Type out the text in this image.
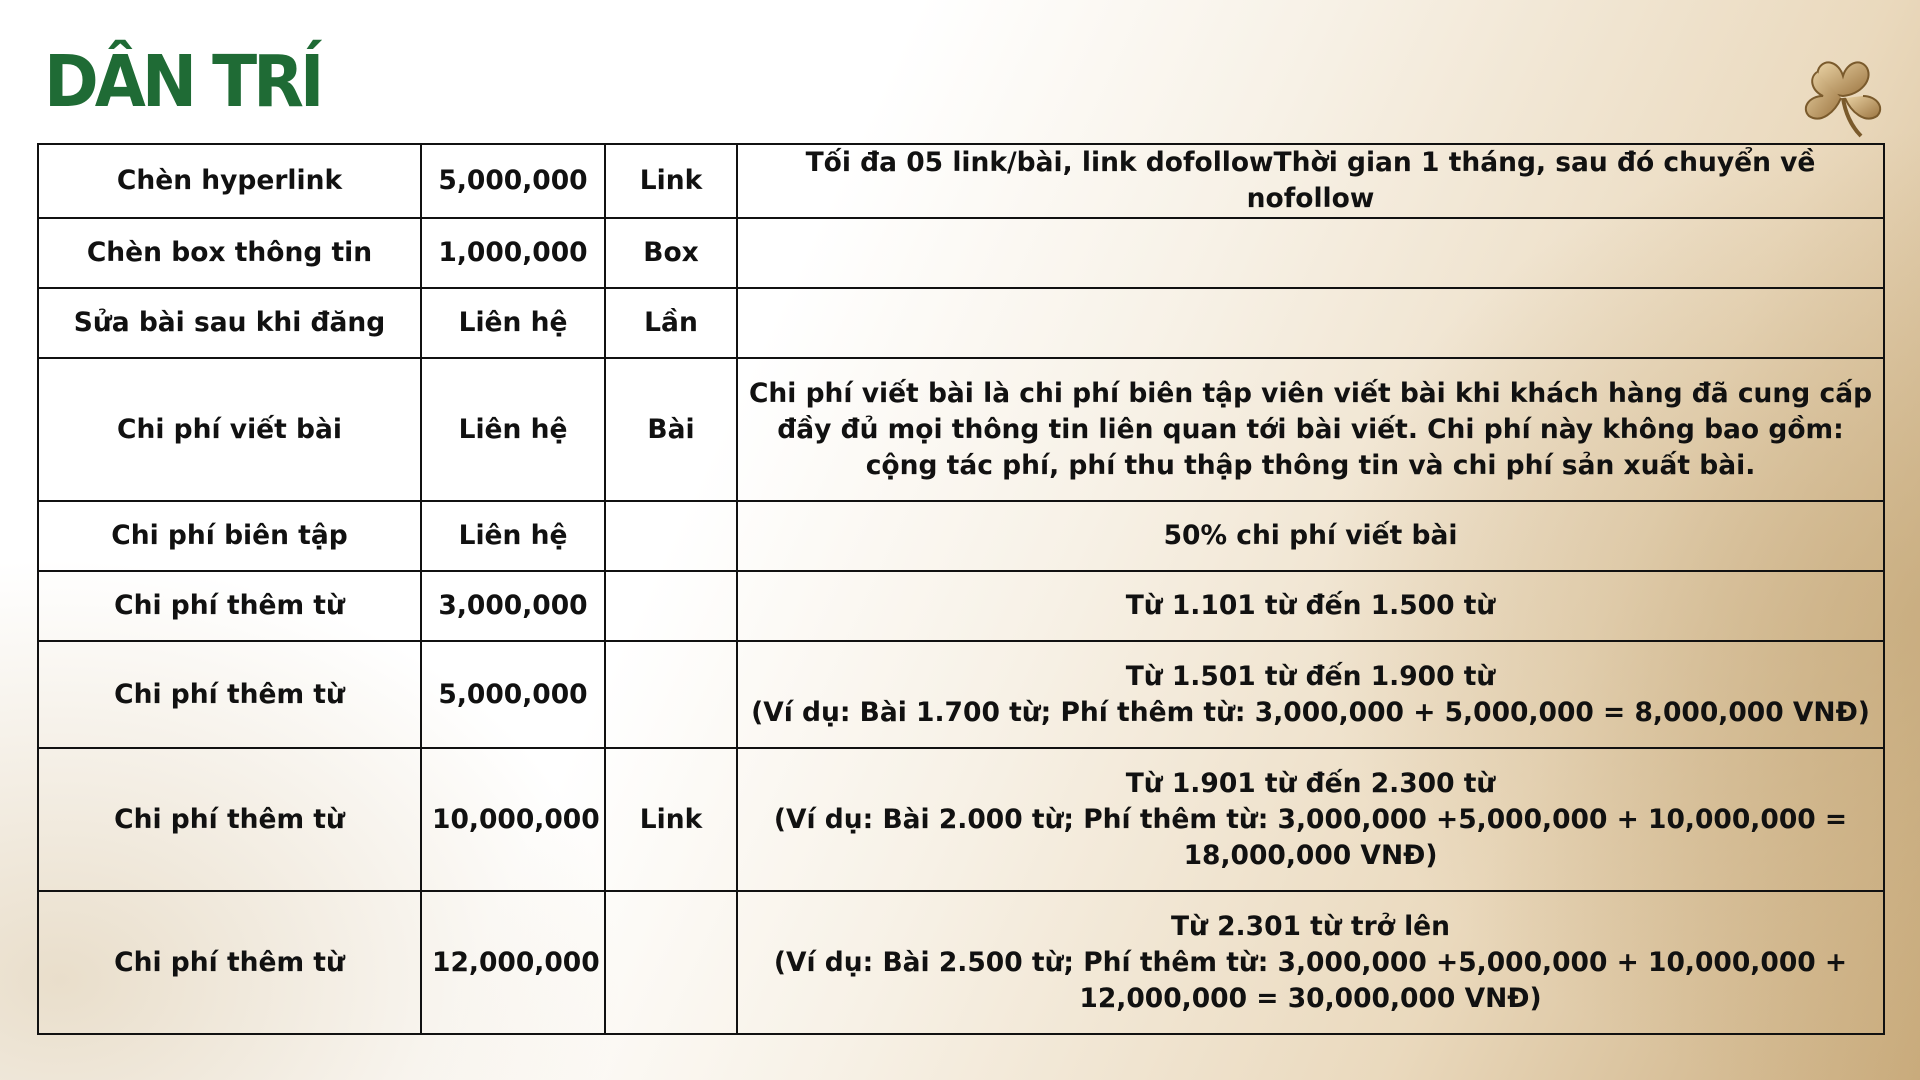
DÂN TRÍ
Chèn hyperlink	5,000,000	Link	Tối đa 05 link/bài, link dofollowThời gian 1 tháng, sau đó chuyển về nofollow

Chèn box thông tin	1,000,000	Box	
Sửa bài sau khi đăng	Liên hệ	Lần	
Chi phí viết bài	Liên hệ	Bài	Chi phí viết bài là chi phí biên tập viên viết bài khi khách hàng đã cung cấp đầy đủ mọi thông tin liên quan tới bài viết. Chi phí này không bao gồm: cộng tác phí, phí thu thập thông tin và chi phí sản xuất bài.

Chi phí biên tập	Liên hệ		50% chi phí viết bài

Chi phí thêm từ	3,000,000		Từ 1.101 từ đến 1.500 từ

Chi phí thêm từ	5,000,000		Từ 1.501 từ đến 1.900 từ
(Ví dụ: Bài 1.700 từ; Phí thêm từ: 3,000,000 + 5,000,000 = 8,000,000 VNĐ)

Chi phí thêm từ	10,000,000	Link	Từ 1.901 từ đến 2.300 từ
(Ví dụ: Bài 2.000 từ; Phí thêm từ: 3,000,000 +5,000,000 + 10,000,000 = 18,000,000 VNĐ)

Chi phí thêm từ	12,000,000		Từ 2.301 từ trở lên
(Ví dụ: Bài 2.500 từ; Phí thêm từ: 3,000,000 +5,000,000 + 10,000,000 + 12,000,000 = 30,000,000 VNĐ)
